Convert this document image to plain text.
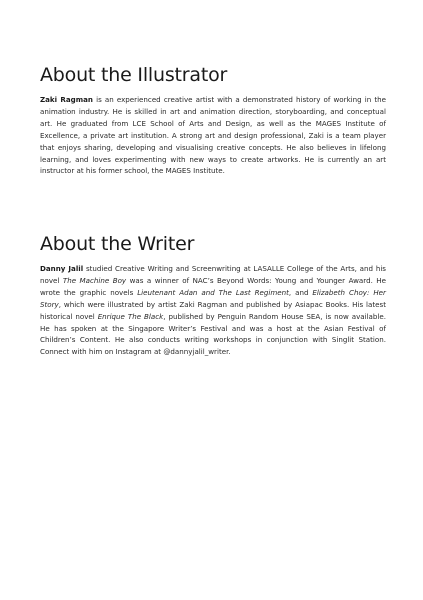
About the Illustrator

Zaki Ragman is an experienced creative artist with a demonstrated history of working in the animation industry. He is skilled in art and animation direction, storyboarding, and conceptual art. He graduated from LCE School of Arts and Design, as well as the MAGES Institute of Excellence, a private art institution. A strong art and design professional, Zaki is a team player that enjoys sharing, developing and visualising creative concepts. He also believes in lifelong learning, and loves experimenting with new ways to create artworks. He is currently an art instructor at his former school, the MAGES Institute.

About the Writer

Danny Jalil studied Creative Writing and Screenwriting at LASALLE College of the Arts, and his novel The Machine Boy was a winner of NAC’s Beyond Words: Young and Younger Award. He wrote the graphic novels Lieutenant Adan and The Last Regiment, and Elizabeth Choy: Her Story, which were illustrated by artist Zaki Ragman and published by Asiapac Books. His latest historical novel Enrique The Black, published by Penguin Random House SEA, is now available. He has spoken at the Singapore Writer’s Festival and was a host at the Asian Festival of Children’s Content. He also conducts writing workshops in conjunction with Singlit Station. Connect with him on Instagram at @dannyjalil_writer.
